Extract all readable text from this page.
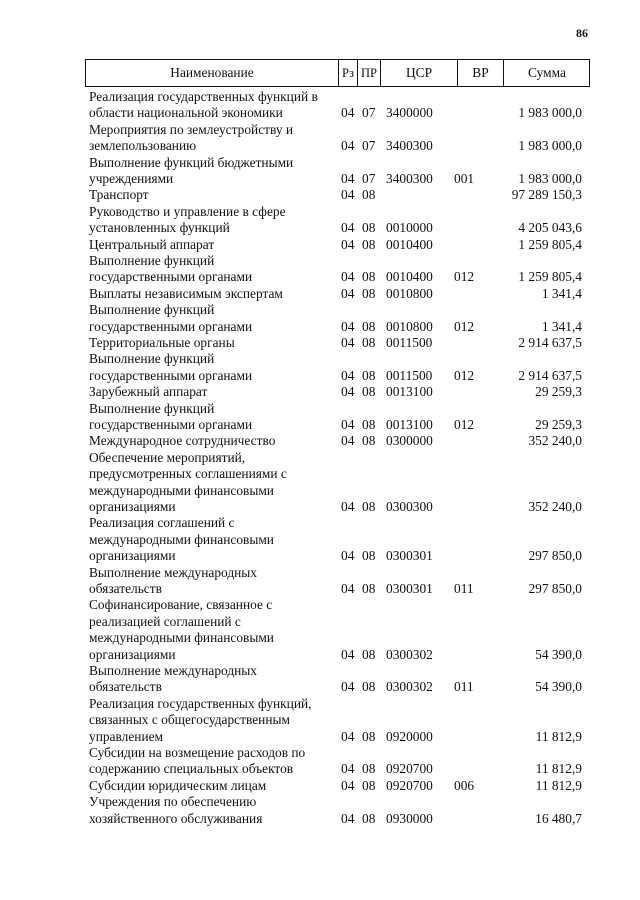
86
Наименование	Рз ПР	ЦСР	ВР	Сумма
Реализация государственных функций в
области национальной экономики	04 07 3400000	1 983 000,0
Мероприятия по землеустройству и
землепользованию	04 07 3400300	1 983 000,0
Выполнение функций бюджетными
учреждениями	04 07 3400300 001	1 983 000,0
Транспорт	04 08	97 289 150,3
Руководство и управление в сфере
установленных функций	04 08 0010000	4 205 043,6
Центральный аппарат	04 08 0010400	1 259 805,4
Выполнение функций
государственными органами	04 08 0010400 012	1 259 805,4
Выплаты независимым экспертам	04 08 0010800	1 341,4
Выполнение функций
государственными органами	04 08 0010800 012	1 341,4
Территориальные органы	04 08 0011500	2 914 637,5
Выполнение функций
государственными органами	04 08 0011500 012	2 914 637,5
Зарубежный аппарат	04 08 0013100	29 259,3
Выполнение функций
государственными органами	04 08 0013100 012	29 259,3
Международное сотрудничество	04 08 0300000	352 240,0
Обеспечение мероприятий,
предусмотренных соглашениями с
международными финансовыми
организациями	04 08 0300300	352 240,0
Реализация соглашений с
международными финансовыми
организациями	04 08 0300301	297 850,0
Выполнение международных
обязательств	04 08 0300301 011	297 850,0
Софинансирование, связанное с
реализацией соглашений с
международными финансовыми
организациями	04 08 0300302	54 390,0
Выполнение международных
обязательств	04 08 0300302 011	54 390,0
Реализация государственных функций,
связанных с общегосударственным
управлением	04 08 0920000	11 812,9
Субсидии на возмещение расходов по
содержанию специальных объектов	04 08 0920700	11 812,9
Субсидии юридическим лицам	04 08 0920700 006	11 812,9
Учреждения по обеспечению
хозяйственного обслуживания	04 08 0930000	16 480,7
